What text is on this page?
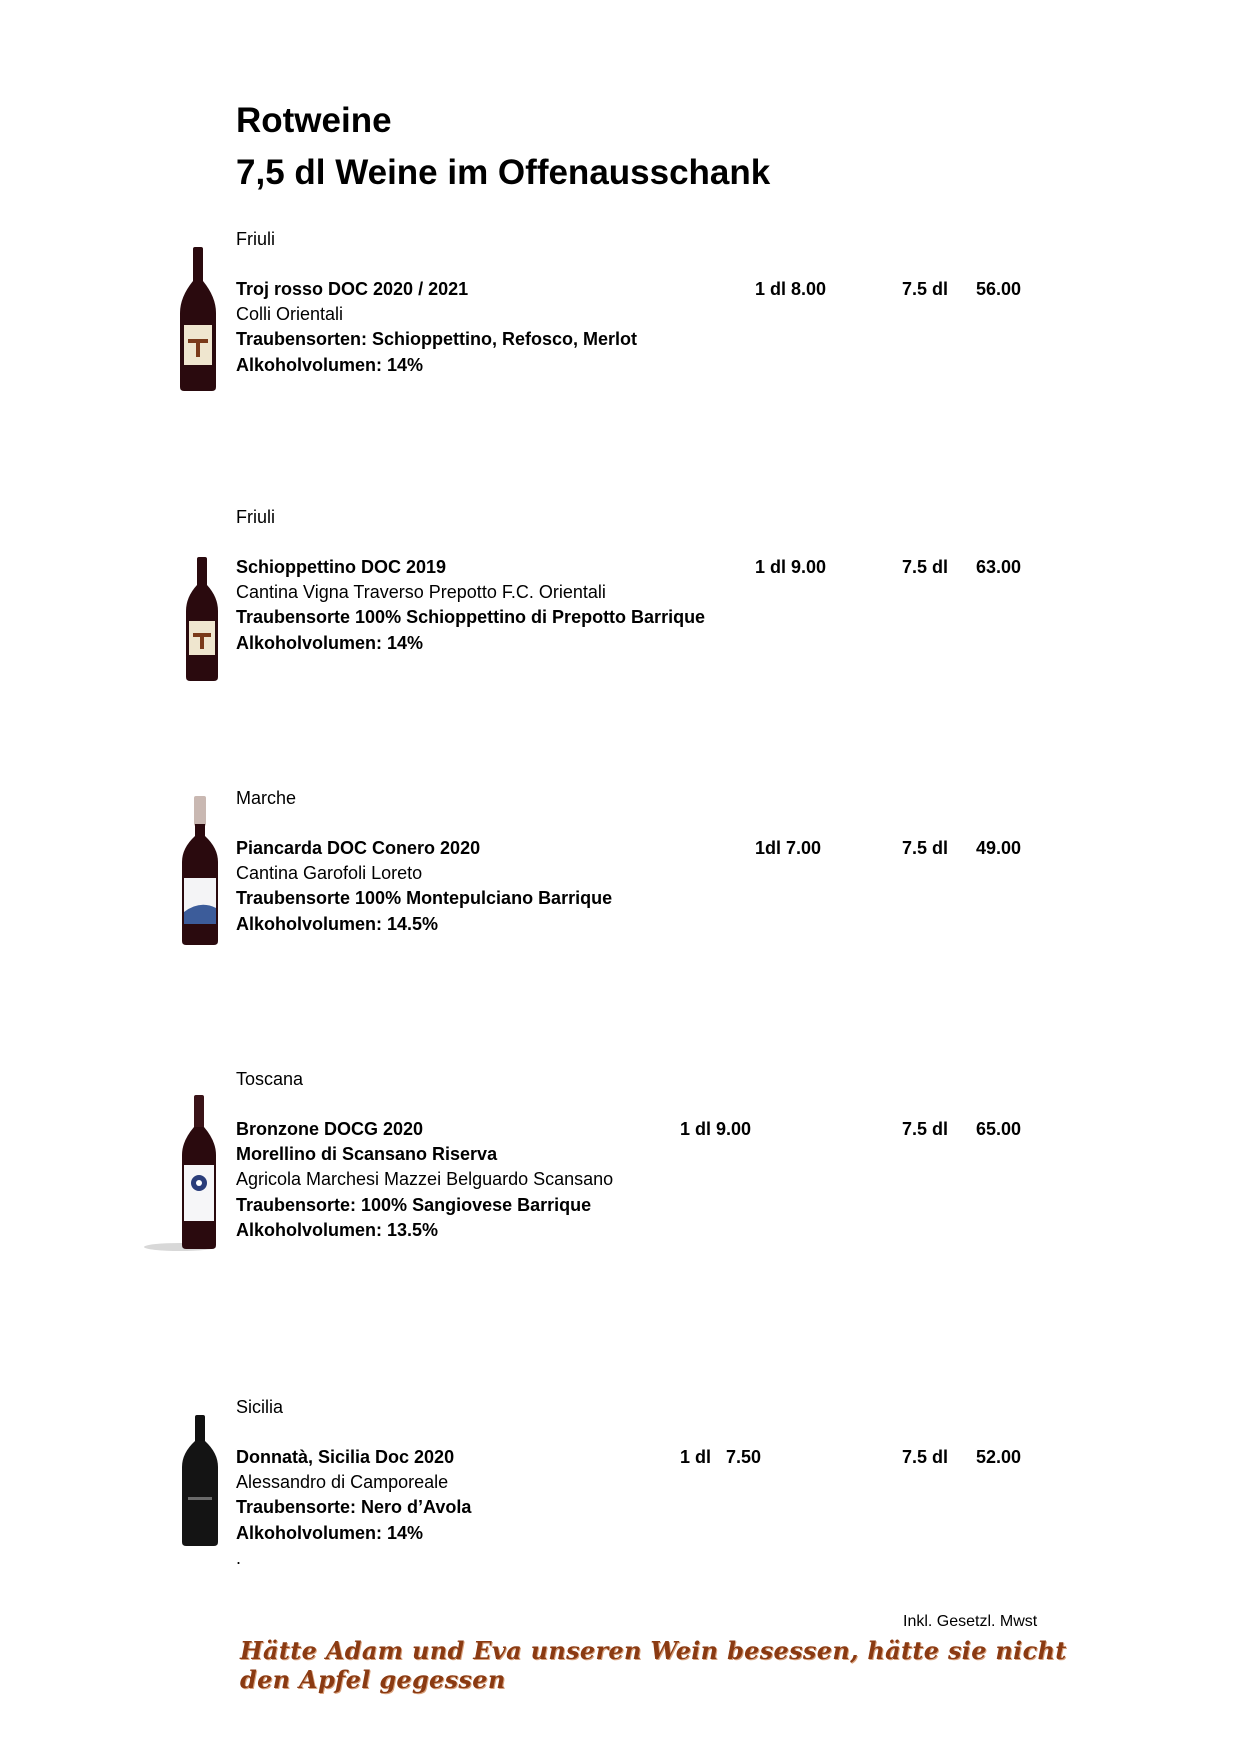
Rotweine
7,5 dl Weine im Offenausschank
Friuli
Troj rosso DOC 2020 / 2021
Colli Orientali
Traubensorten: Schioppettino, Refosco, Merlot
Alkoholvolumen: 14%
1 dl 8.00	7.5 dl 56.00
Friuli
Schioppettino DOC 2019
Cantina Vigna Traverso Prepotto F.C. Orientali
Traubensorte 100% Schioppettino di Prepotto Barrique
Alkoholvolumen: 14%
1 dl 9.00	7.5 dl 63.00
Marche
Piancarda DOC Conero 2020
Cantina Garofoli Loreto
Traubensorte 100% Montepulciano Barrique
Alkoholvolumen: 14.5%
1dl 7.00	7.5 dl 49.00
Toscana
Bronzone DOCG 2020
Morellino di Scansano Riserva
Agricola Marchesi Mazzei Belguardo Scansano
Traubensorte: 100% Sangiovese Barrique
Alkoholvolumen: 13.5%
1 dl 9.00	7.5 dl 65.00
Sicilia
Donnatà, Sicilia Doc 2020
Alessandro di Camporeale
Traubensorte: Nero d’Avola
Alkoholvolumen: 14%
.
1 dl   7.50	7.5 dl 52.00
Inkl. Gesetzl. Mwst
Hätte Adam und Eva unseren Wein besessen, hätte sie nicht den Apfel gegessen
